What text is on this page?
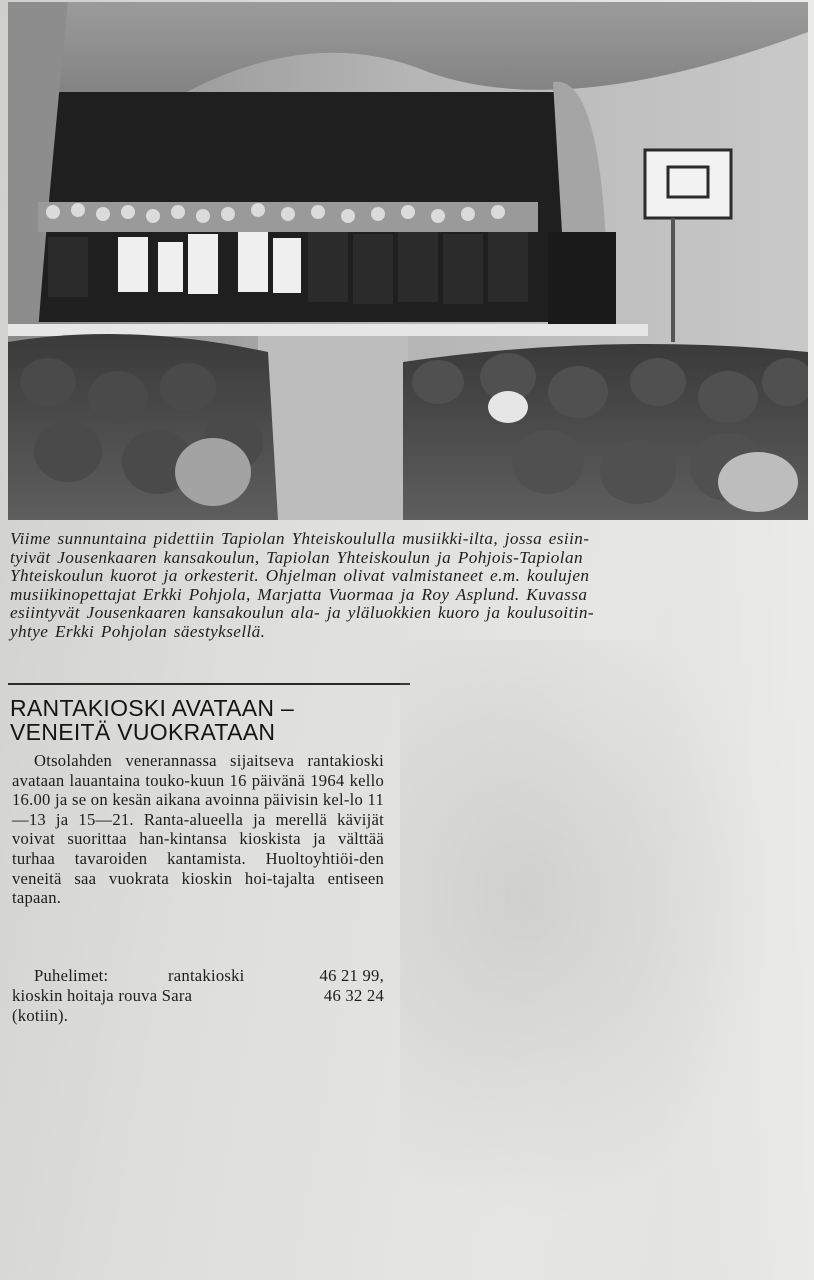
Viime sunnuntaina pidettiin Tapiolan Yhteiskoululla musiikki-ilta, jossa esiin-
tyivät Jousenkaaren kansakoulun, Tapiolan Yhteiskoulun ja Pohjois-Tapiolan
Yhteiskoulun kuorot ja orkesterit. Ohjelman olivat valmistaneet e.m. koulujen
musiikinopettajat Erkki Pohjola, Marjatta Vuormaa ja Roy Asplund. Kuvassa
esiintyvät Jousenkaaren kansakoulun ala- ja yläluokkien kuoro ja koulusoitin-
yhtye Erkki Pohjolan säestyksellä.
RANTAKIOSKI AVATAAN –
VENEITÄ VUOKRATAAN
Otsolahden venerannassa sijaitseva rantakioski avataan lauantaina touko-kuun 16 päivänä 1964 kello 16.00 ja se on kesän aikana avoinna päivisin kel-lo 11—13 ja 15—21. Ranta-alueella ja merellä kävijät voivat suorittaa han-kintansa kioskista ja välttää turhaa tavaroiden kantamista. Huoltoyhtiöi-den veneitä saa vuokrata kioskin hoi-tajalta entiseen tapaan.
Puhelimet:	rantakioski	46 21 99,
kioskin hoitaja rouva Sara	46 32 24
(kotiin).
